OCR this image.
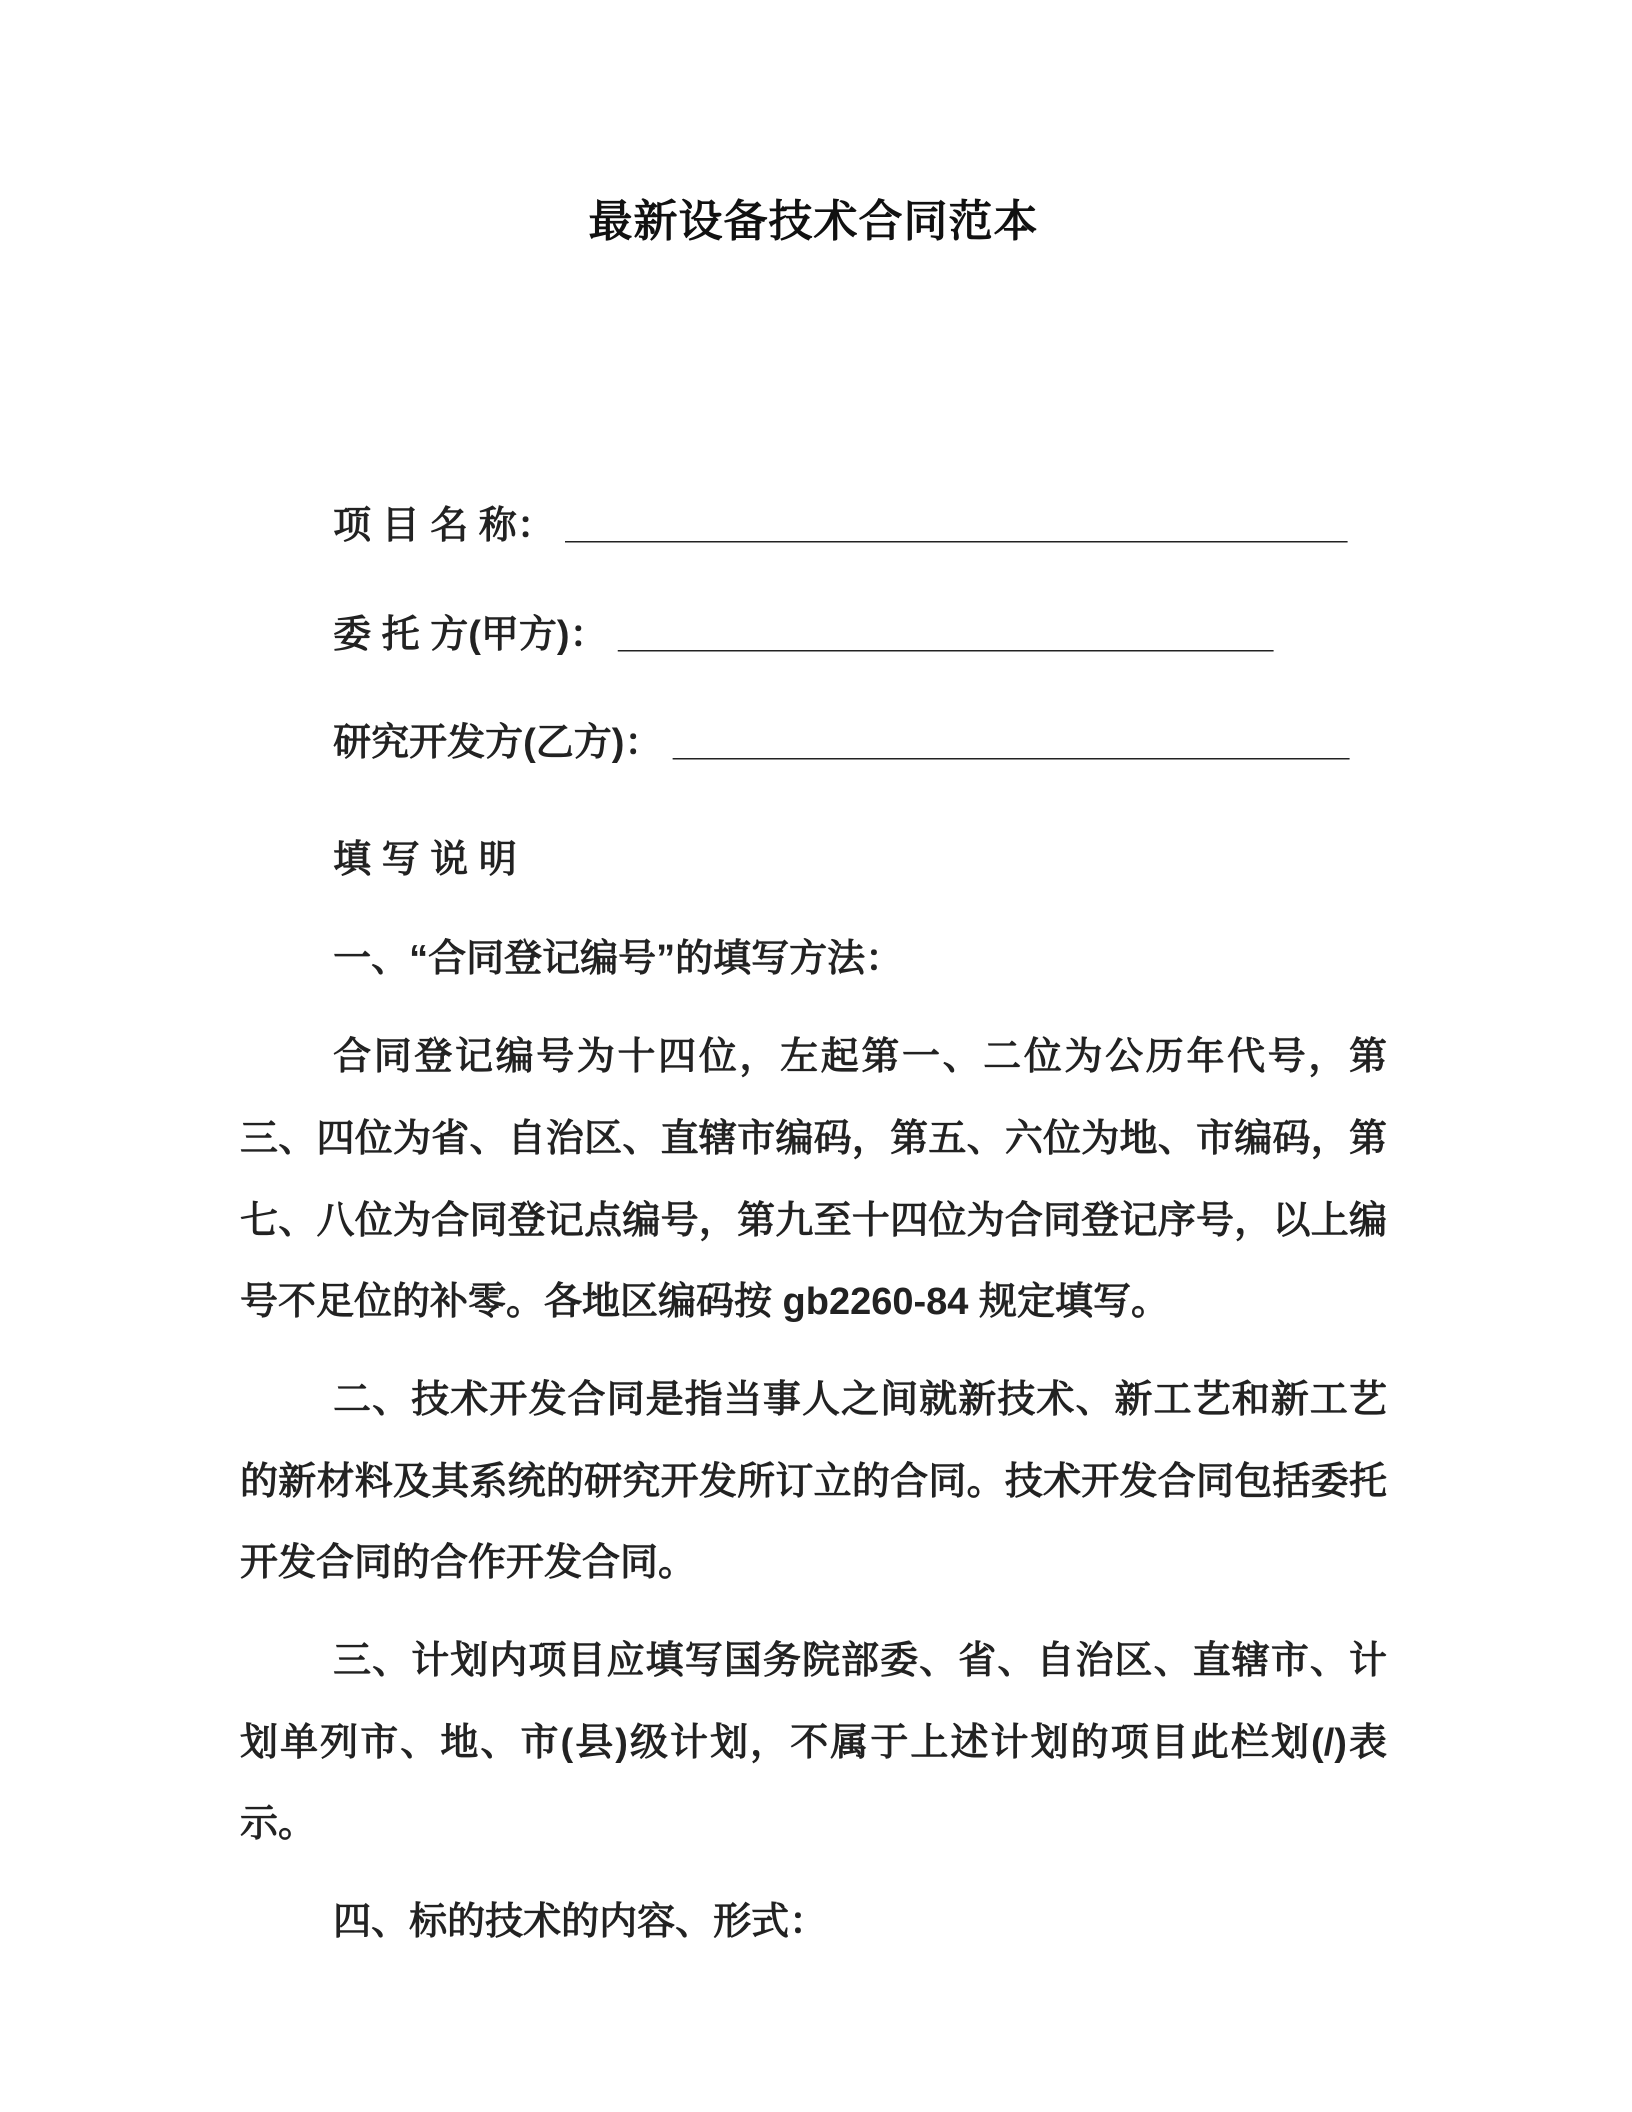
最新设备技术合同范本

项 目 名 称： _____________________________________

委 托 方(甲方)： _______________________________

研究开发方(乙方)： ________________________________

填 写 说 明

一、“合同登记编号”的填写方法：

合同登记编号为十四位，左起第一、二位为公历年代号，第三、四位为省、自治区、直辖市编码，第五、六位为地、市编码，第七、八位为合同登记点编号，第九至十四位为合同登记序号，以上编号不足位的补零。各地区编码按 gb2260-84 规定填写。

二、技术开发合同是指当事人之间就新技术、新工艺和新工艺的新材料及其系统的研究开发所订立的合同。技术开发合同包括委托开发合同的合作开发合同。

三、计划内项目应填写国务院部委、省、自治区、直辖市、计划单列市、地、市(县)级计划，不属于上述计划的项目此栏划(/)表示。

四、标的技术的内容、形式：
